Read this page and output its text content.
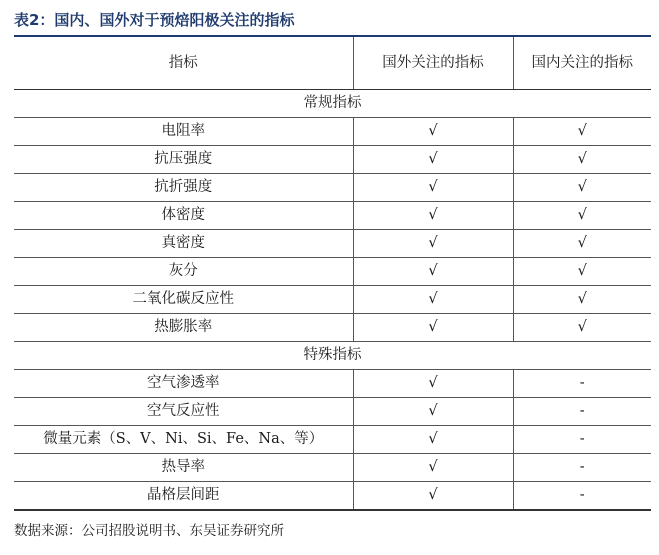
表2：国内、国外对于预焙阳极关注的指标
指标	国外关注的指标	国内关注的指标
常规指标		
电阻率	√	√
抗压强度	√	√
抗折强度	√	√
体密度	√	√
真密度	√	√
灰分	√	√
二氧化碳反应性	√	√
热膨胀率	√	√
特殊指标		
空气渗透率	√	-
空气反应性	√	-
微量元素（S、V、Ni、Si、Fe、Na、等）	√	-
热导率	√	-
晶格层间距	√	-
数据来源：公司招股说明书、东吴证券研究所
